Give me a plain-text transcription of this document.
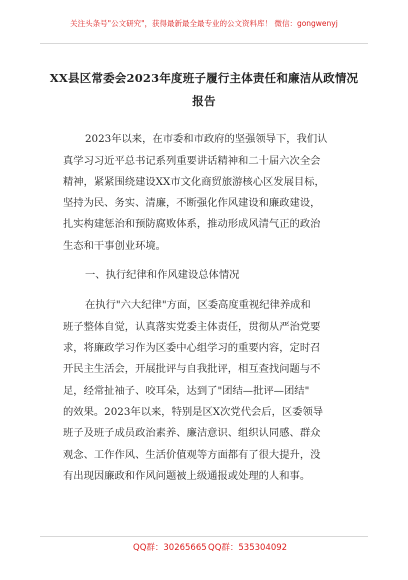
关注头条号"公文研究"，获得最新最全最专业的公文资料库！ 微信：gongwenyj
XX县区常委会2023年度班子履行主体责任和廉洁从政情况
报告
2023年以来，在市委和市政府的坚强领导下，我们认
真学习习近平总书记系列重要讲话精神和二十届六次全会
精神，紧紧围绕建设XX市文化商贸旅游核心区发展目标，
坚持为民、务实、清廉，不断强化作风建设和廉政建设，
扎实构建惩治和预防腐败体系，推动形成风清气正的政治
生态和干事创业环境。
一、执行纪律和作风建设总体情况
在执行"六大纪律"方面，区委高度重视纪律养成和
班子整体自觉，认真落实党委主体责任，贯彻从严治党要
求，将廉政学习作为区委中心组学习的重要内容，定时召
开民主生活会，开展批评与自我批评，相互查找问题与不
足，经常扯袖子、咬耳朵，达到了"团结—批评—团结"
的效果。2023年以来，特别是区X次党代会后，区委领导
班子及班子成员政治素养、廉洁意识、组织认同感、群众
观念、工作作风、生活价值观等方面都有了很大提升，没
有出现因廉政和作风问题被上级通报或处理的人和事。
QQ群：30265665 QQ群：535304092
